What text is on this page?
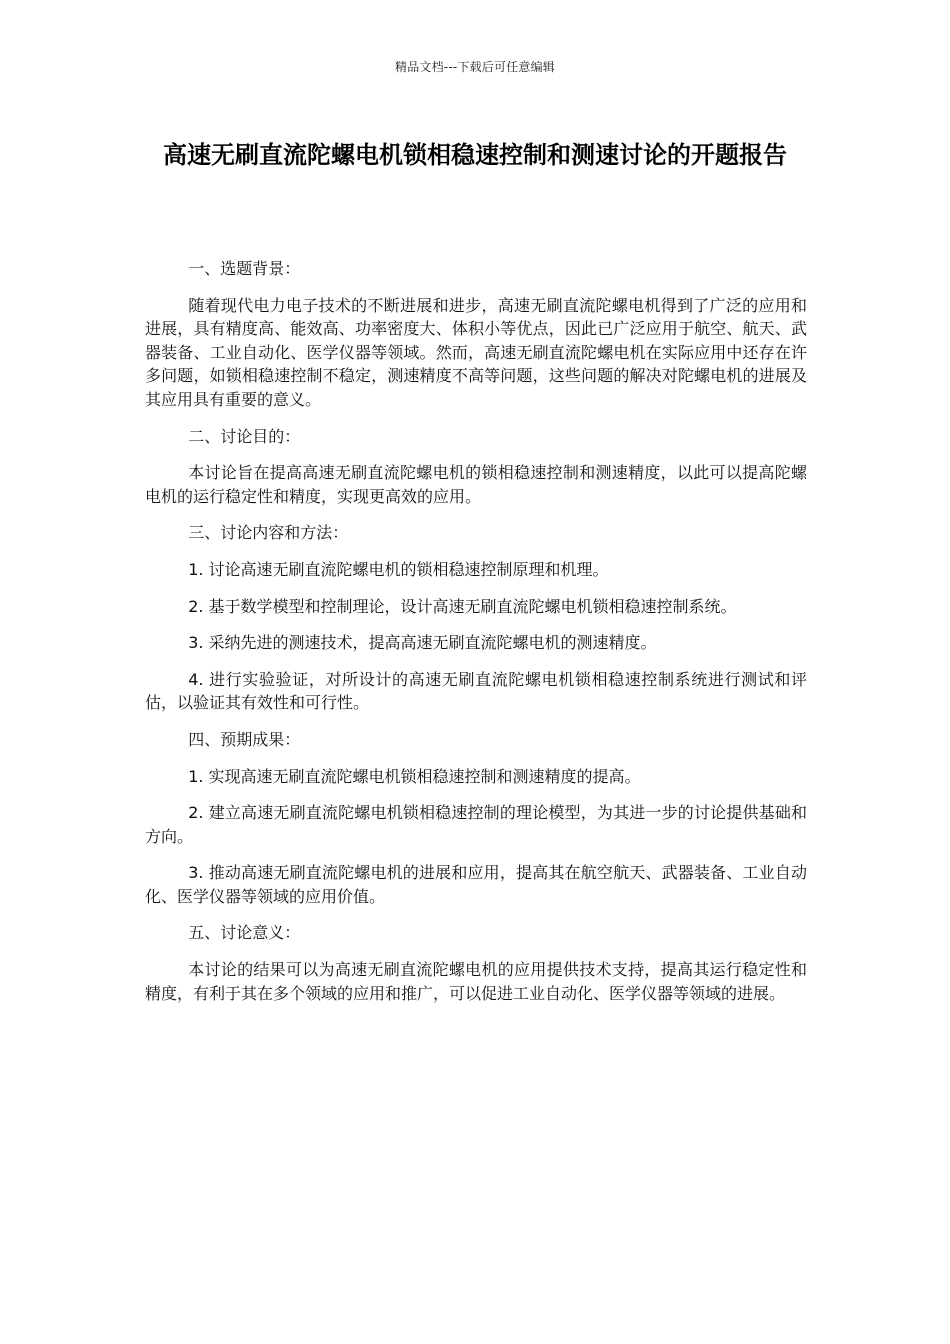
精品文档---下载后可任意编辑
高速无刷直流陀螺电机锁相稳速控制和测速讨论的开题报告

一、选题背景：

随着现代电力电子技术的不断进展和进步，高速无刷直流陀螺电机得到了广泛的应用和进展，具有精度高、能效高、功率密度大、体积小等优点，因此已广泛应用于航空、航天、武器装备、工业自动化、医学仪器等领域。然而，高速无刷直流陀螺电机在实际应用中还存在许多问题，如锁相稳速控制不稳定，测速精度不高等问题，这些问题的解决对陀螺电机的进展及其应用具有重要的意义。

二、讨论目的：

本讨论旨在提高高速无刷直流陀螺电机的锁相稳速控制和测速精度，以此可以提高陀螺电机的运行稳定性和精度，实现更高效的应用。

三、讨论内容和方法：

1. 讨论高速无刷直流陀螺电机的锁相稳速控制原理和机理。

2. 基于数学模型和控制理论，设计高速无刷直流陀螺电机锁相稳速控制系统。

3. 采纳先进的测速技术，提高高速无刷直流陀螺电机的测速精度。

4. 进行实验验证，对所设计的高速无刷直流陀螺电机锁相稳速控制系统进行测试和评估，以验证其有效性和可行性。

四、预期成果：

1. 实现高速无刷直流陀螺电机锁相稳速控制和测速精度的提高。

2. 建立高速无刷直流陀螺电机锁相稳速控制的理论模型，为其进一步的讨论提供基础和方向。

3. 推动高速无刷直流陀螺电机的进展和应用，提高其在航空航天、武器装备、工业自动化、医学仪器等领域的应用价值。

五、讨论意义：

本讨论的结果可以为高速无刷直流陀螺电机的应用提供技术支持，提高其运行稳定性和精度，有利于其在多个领域的应用和推广，可以促进工业自动化、医学仪器等领域的进展。
